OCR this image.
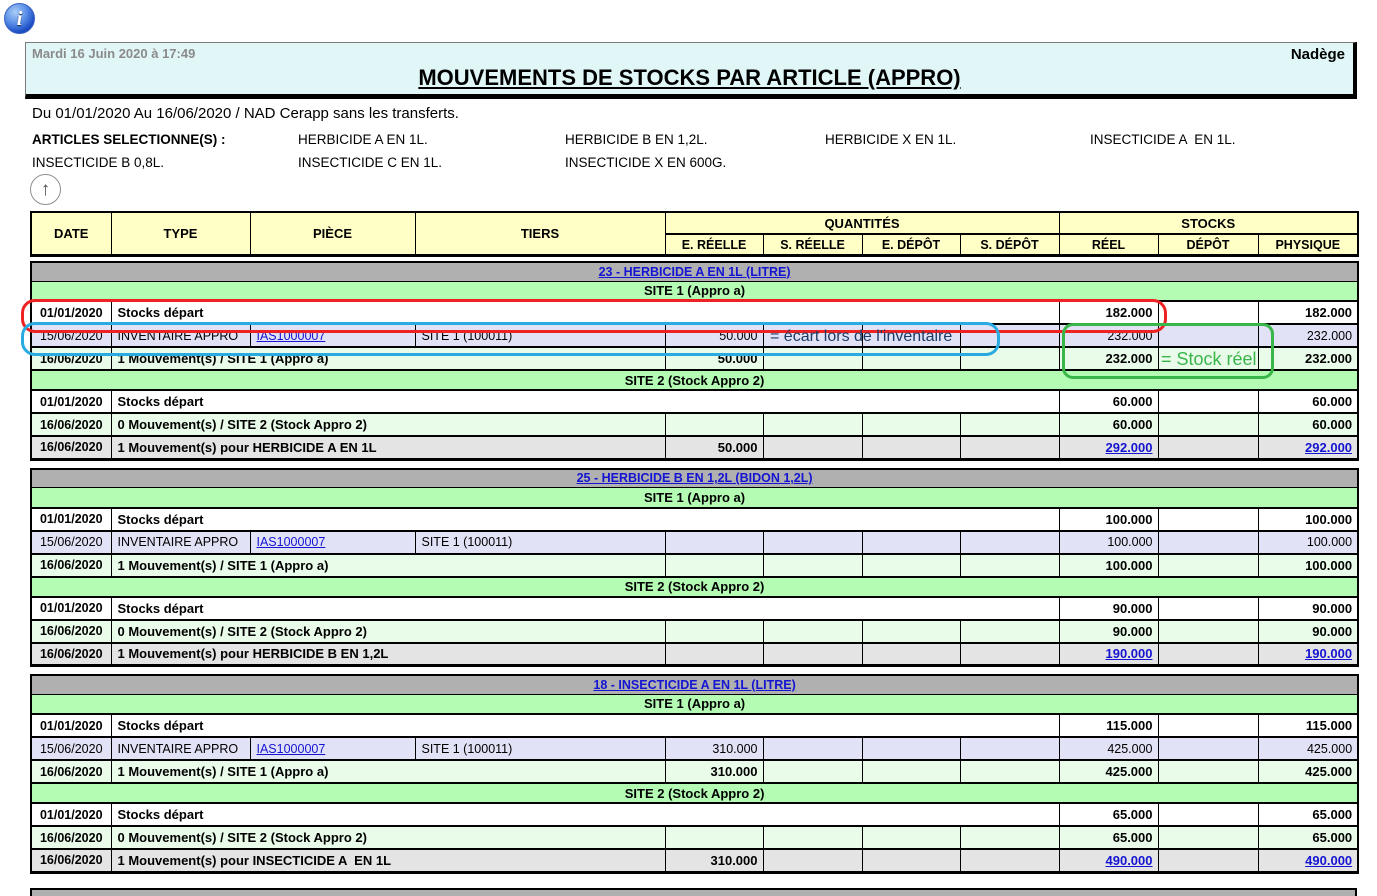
i
Mardi 16 Juin 2020 à 17:49	Nadège
MOUVEMENTS DE STOCKS PAR ARTICLE (APPRO)
Du 01/01/2020 Au 16/06/2020 / NAD Cerapp sans les transferts.
ARTICLES SELECTIONNE(S) :	HERBICIDE A EN 1L.	HERBICIDE B EN 1,2L.	HERBICIDE X EN 1L.	INSECTICIDE A  EN 1L.
INSECTICIDE B 0,8L.	INSECTICIDE C EN 1L.	INSECTICIDE X EN 600G.
↑
DATE	TYPE	PIÈCE	TIERS	QUANTITÉS				STOCKS		
				E. RÉELLE	S. RÉELLE	E. DÉPÔT	S. DÉPÔT	RÉEL	DÉPÔT	PHYSIQUE
23 - HERBICIDE A EN 1L (LITRE)										
SITE 1 (Appro a)										
01/01/2020	Stocks départ							182.000		182.000
15/06/2020	INVENTAIRE APPRO	IAS1000007	SITE 1 (100011)	50.000				232.000		232.000
16/06/2020	1 Mouvement(s) / SITE 1 (Appro a)			50.000				232.000		232.000
SITE 2 (Stock Appro 2)										
01/01/2020	Stocks départ							60.000		60.000
16/06/2020	0 Mouvement(s) / SITE 2 (Stock Appro 2)							60.000		60.000
16/06/2020	1 Mouvement(s) pour HERBICIDE A EN 1L			50.000				292.000		292.000
25 - HERBICIDE B EN 1,2L (BIDON 1,2L)										
SITE 1 (Appro a)										
01/01/2020	Stocks départ							100.000		100.000
15/06/2020	INVENTAIRE APPRO	IAS1000007	SITE 1 (100011)					100.000		100.000
16/06/2020	1 Mouvement(s) / SITE 1 (Appro a)							100.000		100.000
SITE 2 (Stock Appro 2)										
01/01/2020	Stocks départ							90.000		90.000
16/06/2020	0 Mouvement(s) / SITE 2 (Stock Appro 2)							90.000		90.000
16/06/2020	1 Mouvement(s) pour HERBICIDE B EN 1,2L							190.000		190.000
18 - INSECTICIDE A EN 1L (LITRE)										
SITE 1 (Appro a)										
01/01/2020	Stocks départ							115.000		115.000
15/06/2020	INVENTAIRE APPRO	IAS1000007	SITE 1 (100011)	310.000				425.000		425.000
16/06/2020	1 Mouvement(s) / SITE 1 (Appro a)			310.000				425.000		425.000
SITE 2 (Stock Appro 2)										
01/01/2020	Stocks départ							65.000		65.000
16/06/2020	0 Mouvement(s) / SITE 2 (Stock Appro 2)							65.000		65.000
16/06/2020	1 Mouvement(s) pour INSECTICIDE A  EN 1L			310.000				490.000		490.000
= écart lors de l'inventaire
= Stock réel
